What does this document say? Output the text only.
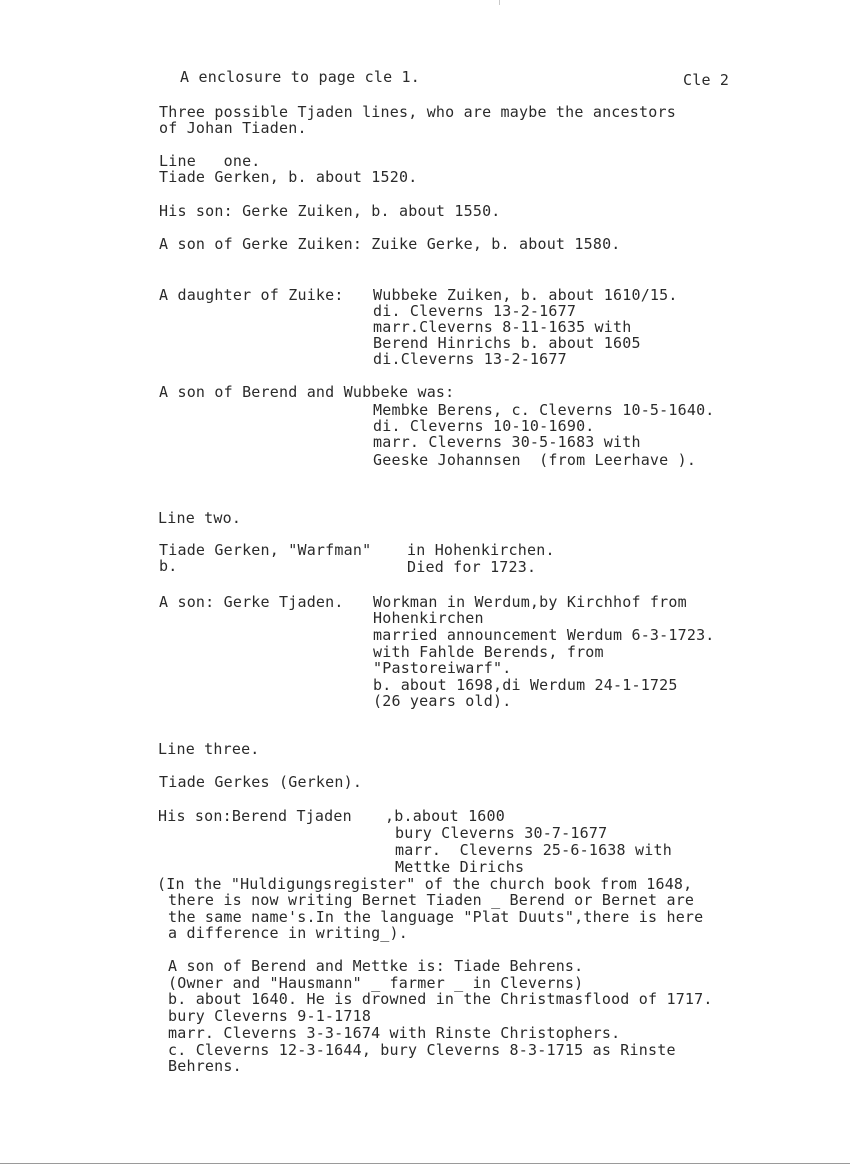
A enclosure to page cle 1.	Cle 2
Three possible Tjaden lines, who are maybe the ancestors
of Johan Tiaden.
Line   one.
Tiade Gerken, b. about 1520.
His son: Gerke Zuiken, b. about 1550.
A son of Gerke Zuiken: Zuike Gerke, b. about 1580.
A daughter of Zuike: Wubbeke Zuiken, b. about 1610/15.
di. Cleverns 13-2-1677
marr.Cleverns 8-11-1635 with
Berend Hinrichs b. about 1605
di.Cleverns 13-2-1677
A son of Berend and Wubbeke was:
Membke Berens, c. Cleverns 10-5-1640.
di. Cleverns 10-10-1690.
marr. Cleverns 30-5-1683 with
Geeske Johannsen  (from Leerhave ).
Line two.
Tiade Gerken, "Warfman" in Hohenkirchen.
b.	Died for 1723.
A son: Gerke Tjaden. Workman in Werdum,by Kirchhof from
Hohenkirchen
married announcement Werdum 6-3-1723.
with Fahlde Berends, from
"Pastoreiwarf".
b. about 1698,di Werdum 24-1-1725
(26 years old).
Line three.
Tiade Gerkes (Gerken).
His son:Berend Tjaden ,b.about 1600
bury Cleverns 30-7-1677
marr.  Cleverns 25-6-1638 with
Mettke Dirichs
(In the "Huldigungsregister" of the church book from 1648,
there is now writing Bernet Tiaden _ Berend or Bernet are
the same name's.In the language "Plat Duuts",there is here
a difference in writing_).
A son of Berend and Mettke is: Tiade Behrens.
(Owner and "Hausmann" _ farmer _ in Cleverns)
b. about 1640. He is drowned in the Christmasflood of 1717.
bury Cleverns 9-1-1718
marr. Cleverns 3-3-1674 with Rinste Christophers.
c. Cleverns 12-3-1644, bury Cleverns 8-3-1715 as Rinste
Behrens.
